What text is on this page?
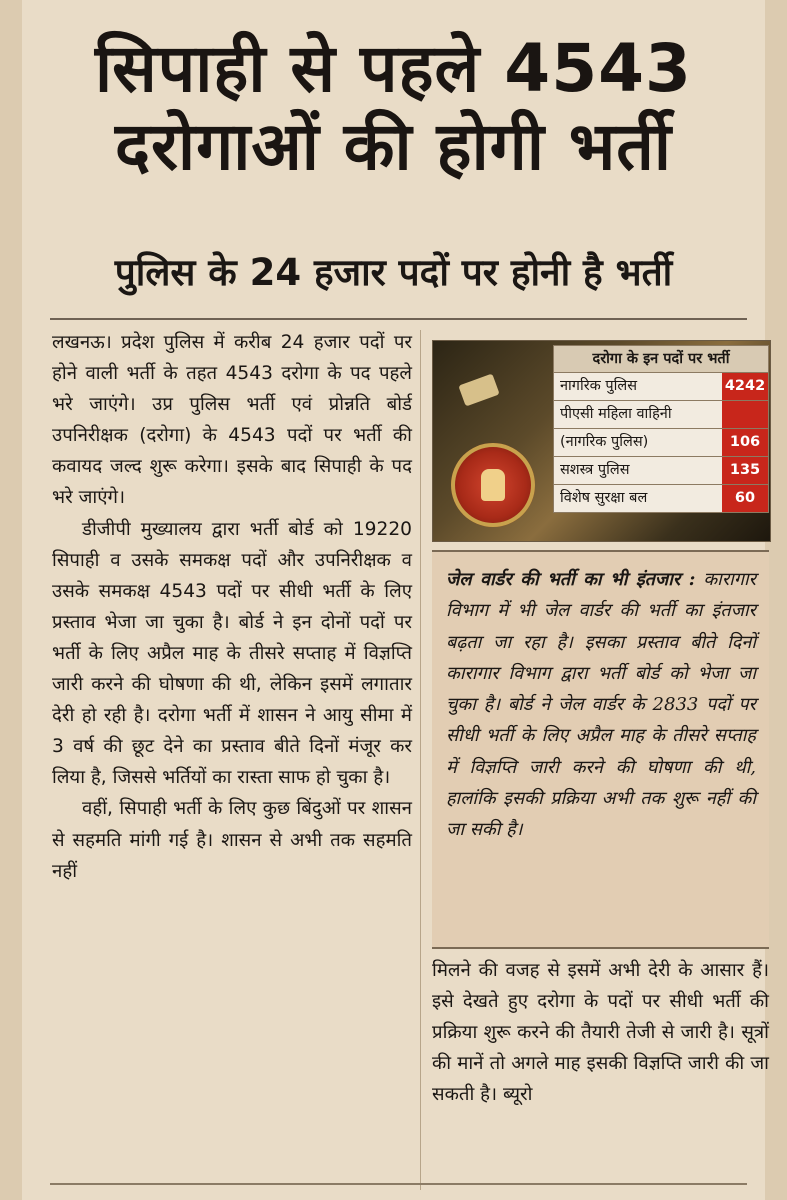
सिपाही से पहले 4543
दरोगाओं की होगी भर्ती
पुलिस के 24 हजार पदों पर होनी है भर्ती

लखनऊ। प्रदेश पुलिस में करीब 24 हजार पदों पर होने वाली भर्ती के तहत 4543 दरोगा के पद पहले भरे जाएंगे। उप्र पुलिस भर्ती एवं प्रोन्नति बोर्ड उपनिरीक्षक (दरोगा) के 4543 पदों पर भर्ती की कवायद जल्द शुरू करेगा। इसके बाद सिपाही के पद भरे जाएंगे।

डीजीपी मुख्यालय द्वारा भर्ती बोर्ड को 19220 सिपाही व उसके समकक्ष पदों और उपनिरीक्षक व उसके समकक्ष 4543 पदों पर सीधी भर्ती के लिए प्रस्ताव भेजा जा चुका है। बोर्ड ने इन दोनों पदों पर भर्ती के लिए अप्रैल माह के तीसरे सप्ताह में विज्ञप्ति जारी करने की घोषणा की थी, लेकिन इसमें लगातार देरी हो रही है। दरोगा भर्ती में शासन ने आयु सीमा में 3 वर्ष की छूट देने का प्रस्ताव बीते दिनों मंजूर कर लिया है, जिससे भर्तियों का रास्ता साफ हो चुका है।

वहीं, सिपाही भर्ती के लिए कुछ बिंदुओं पर शासन से सहमति मांगी गई है। शासन से अभी तक सहमति नहीं

दरोगा के इन पदों पर भर्ती
नागरिक पुलिस	4242
पीएसी महिला वाहिनी
(नागरिक पुलिस)	106
सशस्त्र पुलिस	135
विशेष सुरक्षा बल	60
जेल वार्डर की भर्ती का भी इंतजार : कारागार विभाग में भी जेल वार्डर की भर्ती का इंतजार बढ़ता जा रहा है। इसका प्रस्ताव बीते दिनों कारागार विभाग द्वारा भर्ती बोर्ड को भेजा जा चुका है। बोर्ड ने जेल वार्डर के 2833 पदों पर सीधी भर्ती के लिए अप्रैल माह के तीसरे सप्ताह में विज्ञप्ति जारी करने की घोषणा की थी, हालांकि इसकी प्रक्रिया अभी तक शुरू नहीं की जा सकी है।

मिलने की वजह से इसमें अभी देरी के आसार हैं। इसे देखते हुए दरोगा के पदों पर सीधी भर्ती की प्रक्रिया शुरू करने की तैयारी तेजी से जारी है। सूत्रों की मानें तो अगले माह इसकी विज्ञप्ति जारी की जा सकती है। ब्यूरो
